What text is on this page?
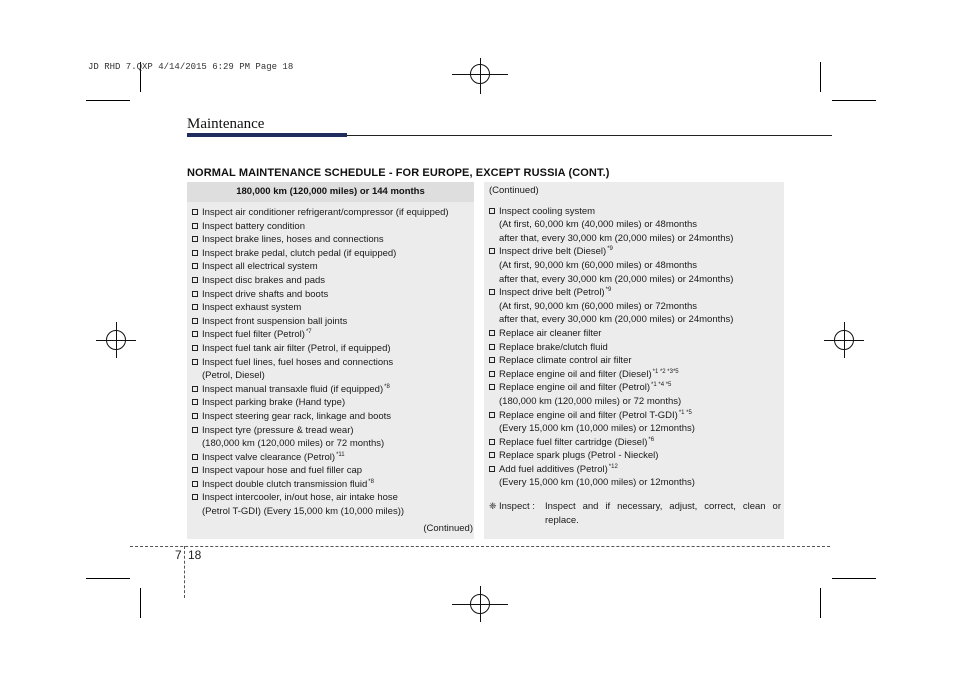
JD RHD 7.QXP 4/14/2015 6:29 PM Page 18
Maintenance
NORMAL MAINTENANCE SCHEDULE - FOR EUROPE, EXCEPT RUSSIA (CONT.)
180,000 km (120,000 miles) or 144 months
Inspect air conditioner refrigerant/compressor (if equipped)
Inspect battery condition
Inspect brake lines, hoses and connections
Inspect brake pedal, clutch pedal (if equipped)
Inspect all electrical system
Inspect disc brakes and pads
Inspect drive shafts and boots
Inspect exhaust system
Inspect front suspension ball joints
Inspect fuel filter (Petrol) *7
Inspect fuel tank air filter (Petrol, if equipped)
Inspect fuel lines, fuel hoses and connections
(Petrol, Diesel)
Inspect manual transaxle fluid (if equipped) *8
Inspect parking brake (Hand type)
Inspect steering gear rack, linkage and boots
Inspect tyre (pressure & tread wear)
(180,000 km (120,000 miles) or 72 months)
Inspect valve clearance (Petrol) *11
Inspect vapour hose and fuel filler cap
Inspect double clutch transmission fluid *8
Inspect intercooler, in/out hose, air intake hose
(Petrol T-GDI) (Every 15,000 km (10,000 miles))
(Continued)
(Continued)
Inspect cooling system
(At first, 60,000 km (40,000 miles) or 48months
after that, every 30,000 km (20,000 miles) or 24months)
Inspect drive belt (Diesel) *9
(At first, 90,000 km (60,000 miles) or 48months
after that, every 30,000 km (20,000 miles) or 24months)
Inspect drive belt (Petrol) *9
(At first, 90,000 km (60,000 miles) or 72months
after that, every 30,000 km (20,000 miles) or 24months)
Replace air cleaner filter
Replace brake/clutch fluid
Replace climate control air filter
Replace engine oil and filter (Diesel) *1 *2 *3*5
Replace engine oil and filter (Petrol) *1 *4 *5
(180,000 km (120,000 miles) or 72 months)
Replace engine oil and filter (Petrol T-GDI) *1 *5
(Every 15,000 km (10,000 miles) or 12months)
Replace fuel filter cartridge (Diesel) *6
Replace spark plugs (Petrol - Nieckel)
Add fuel additives (Petrol) *12
(Every 15,000 km (10,000 miles) or 12months)
❈ Inspect :	Inspect and if necessary, adjust, correct, clean or replace.
7 18
